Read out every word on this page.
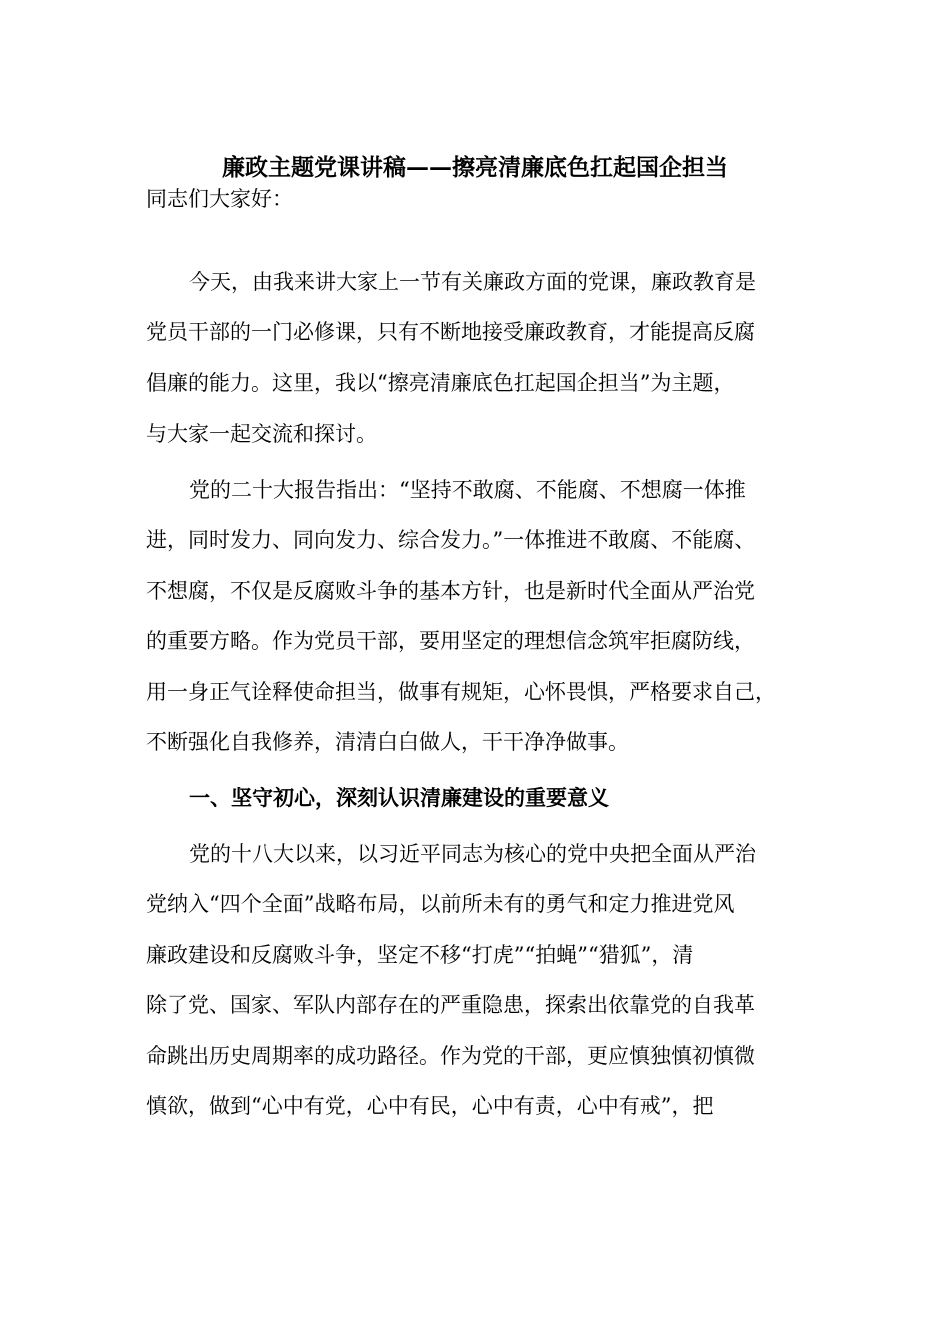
廉政主题党课讲稿——擦亮清廉底色扛起国企担当
同志们大家好：
今天，由我来讲大家上一节有关廉政方面的党课，廉政教育是
党员干部的一门必修课，只有不断地接受廉政教育，才能提高反腐
倡廉的能力。这里，我以“擦亮清廉底色扛起国企担当”为主题，
与大家一起交流和探讨。
党的二十大报告指出：“坚持不敢腐、不能腐、不想腐一体推
进，同时发力、同向发力、综合发力。”一体推进不敢腐、不能腐、
不想腐，不仅是反腐败斗争的基本方针，也是新时代全面从严治党
的重要方略。作为党员干部，要用坚定的理想信念筑牢拒腐防线，
用一身正气诠释使命担当，做事有规矩，心怀畏惧，严格要求自己，
不断强化自我修养，清清白白做人，干干净净做事。
一、坚守初心，深刻认识清廉建设的重要意义
党的十八大以来，以习近平同志为核心的党中央把全面从严治
党纳入“四个全面”战略布局，以前所未有的勇气和定力推进党风
廉政建设和反腐败斗争，坚定不移“打虎”“拍蝇”“猎狐”，清
除了党、国家、军队内部存在的严重隐患，探索出依靠党的自我革
命跳出历史周期率的成功路径。作为党的干部，更应慎独慎初慎微
慎欲，做到“心中有党，心中有民，心中有责，心中有戒”，把
